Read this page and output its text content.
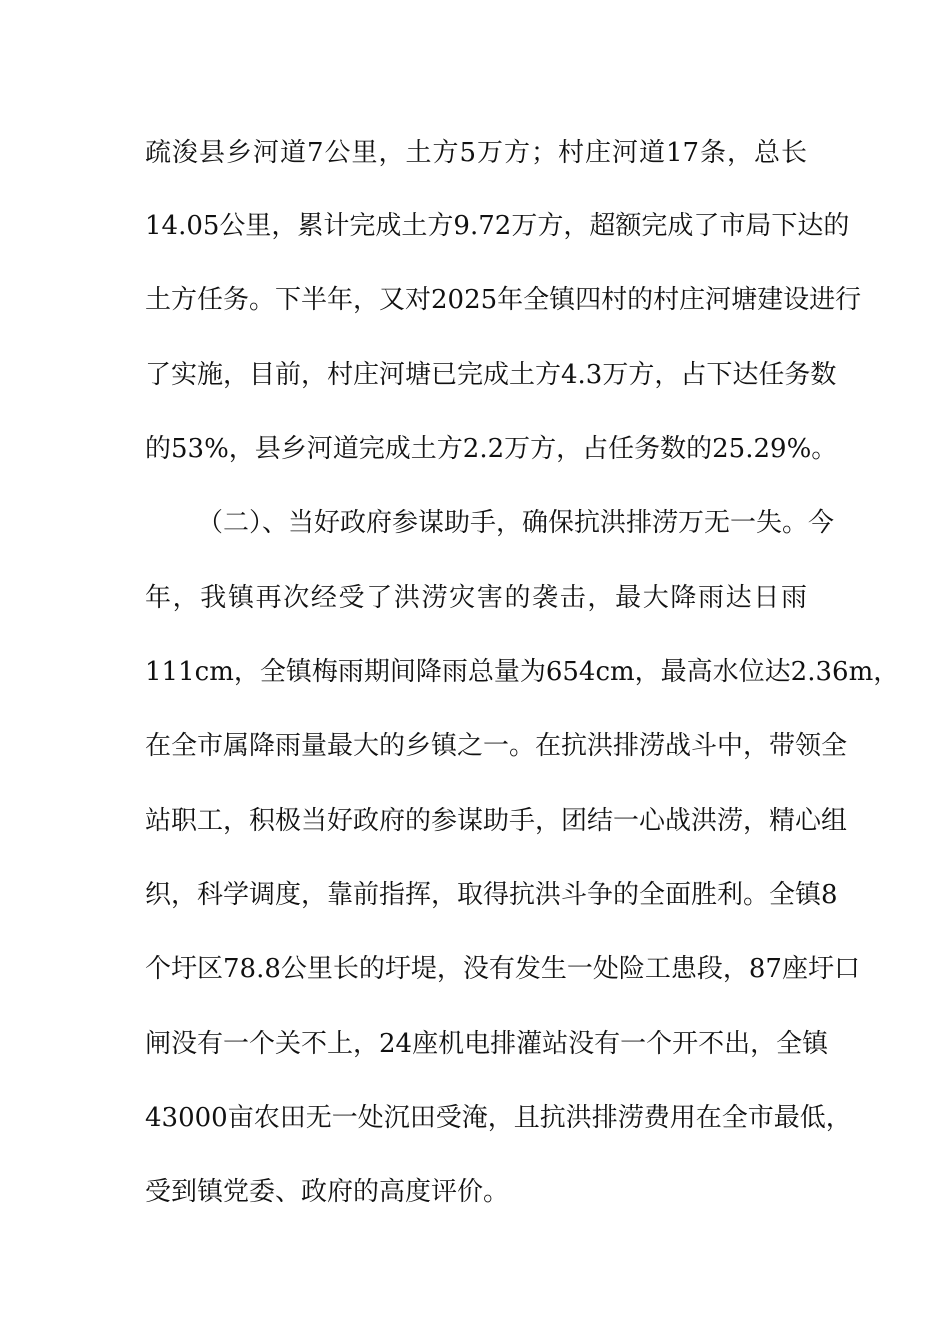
疏浚县乡河道7公里，土方5万方；村庄河道17条，总长
14.05公里，累计完成土方9.72万方，超额完成了市局下达的
土方任务。下半年，又对2025年全镇四村的村庄河塘建设进行
了实施，目前，村庄河塘已完成土方4.3万方，占下达任务数
的53%，县乡河道完成土方2.2万方，占任务数的25.29%。
（二）、当好政府参谋助手，确保抗洪排涝万无一失。今
年，我镇再次经受了洪涝灾害的袭击，最大降雨达日雨
111cm，全镇梅雨期间降雨总量为654cm，最高水位达2.36m，
在全市属降雨量最大的乡镇之一。在抗洪排涝战斗中，带领全
站职工，积极当好政府的参谋助手，团结一心战洪涝，精心组
织，科学调度，靠前指挥，取得抗洪斗争的全面胜利。全镇8
个圩区78.8公里长的圩堤，没有发生一处险工患段，87座圩口
闸没有一个关不上，24座机电排灌站没有一个开不出，全镇
43000亩农田无一处沉田受淹，且抗洪排涝费用在全市最低，
受到镇党委、政府的高度评价。
